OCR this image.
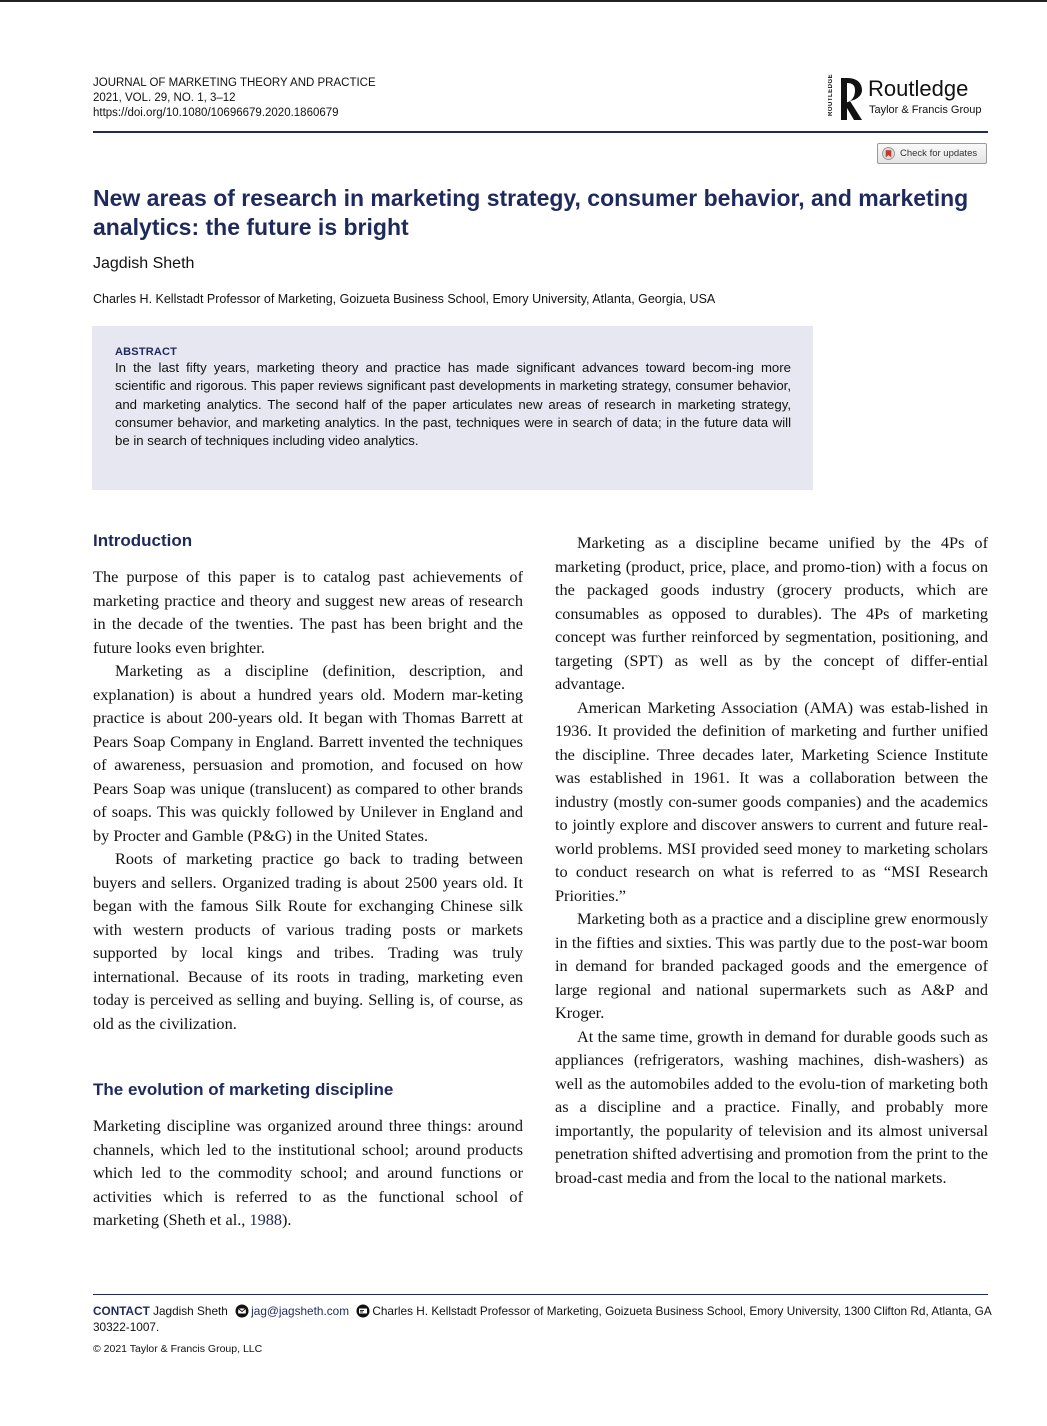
JOURNAL OF MARKETING THEORY AND PRACTICE
2021, VOL. 29, NO. 1, 3–12
https://doi.org/10.1080/10696679.2020.1860679	ROUTLEDGE Routledge
Taylor & Francis Group
Check for updates
New areas of research in marketing strategy, consumer behavior, and marketing analytics: the future is bright
Jagdish Sheth
Charles H. Kellstadt Professor of Marketing, Goizueta Business School, Emory University, Atlanta, Georgia, USA
ABSTRACT
In the last fifty years, marketing theory and practice has made significant advances toward becom-ing more scientific and rigorous. This paper reviews significant past developments in marketing strategy, consumer behavior, and marketing analytics. The second half of the paper articulates new areas of research in marketing strategy, consumer behavior, and marketing analytics. In the past, techniques were in search of data; in the future data will be in search of techniques including video analytics.
Introduction

The purpose of this paper is to catalog past achievements of marketing practice and theory and suggest new areas of research in the decade of the twenties. The past has been bright and the future looks even brighter.

Marketing as a discipline (definition, description, and explanation) is about a hundred years old. Modern mar-keting practice is about 200-years old. It began with Thomas Barrett at Pears Soap Company in England. Barrett invented the techniques of awareness, persuasion and promotion, and focused on how Pears Soap was unique (translucent) as compared to other brands of soaps. This was quickly followed by Unilever in England and by Procter and Gamble (P&G) in the United States.

Roots of marketing practice go back to trading between buyers and sellers. Organized trading is about 2500 years old. It began with the famous Silk Route for exchanging Chinese silk with western products of various trading posts or markets supported by local kings and tribes. Trading was truly international. Because of its roots in trading, marketing even today is perceived as selling and buying. Selling is, of course, as old as the civilization.

The evolution of marketing discipline

Marketing discipline was organized around three things: around channels, which led to the institutional school; around products which led to the commodity school; and around functions or activities which is referred to as the functional school of marketing (Sheth et al., 1988).

Marketing as a discipline became unified by the 4Ps of marketing (product, price, place, and promo-tion) with a focus on the packaged goods industry (grocery products, which are consumables as opposed to durables). The 4Ps of marketing concept was further reinforced by segmentation, positioning, and targeting (SPT) as well as by the concept of differ-ential advantage.

American Marketing Association (AMA) was estab-lished in 1936. It provided the definition of marketing and further unified the discipline. Three decades later, Marketing Science Institute was established in 1961. It was a collaboration between the industry (mostly con-sumer goods companies) and the academics to jointly explore and discover answers to current and future real-world problems. MSI provided seed money to marketing scholars to conduct research on what is referred to as “MSI Research Priorities.”

Marketing both as a practice and a discipline grew enormously in the fifties and sixties. This was partly due to the post-war boom in demand for branded packaged goods and the emergence of large regional and national supermarkets such as A&P and Kroger.

At the same time, growth in demand for durable goods such as appliances (refrigerators, washing machines, dish-washers) as well as the automobiles added to the evolu-tion of marketing both as a discipline and a practice. Finally, and probably more importantly, the popularity of television and its almost universal penetration shifted advertising and promotion from the print to the broad-cast media and from the local to the national markets.

CONTACT Jagdish Sheth jag@jagsheth.com Charles H. Kellstadt Professor of Marketing, Goizueta Business School, Emory University, 1300 Clifton Rd, Atlanta, GA 30322-1007.
© 2021 Taylor & Francis Group, LLC
